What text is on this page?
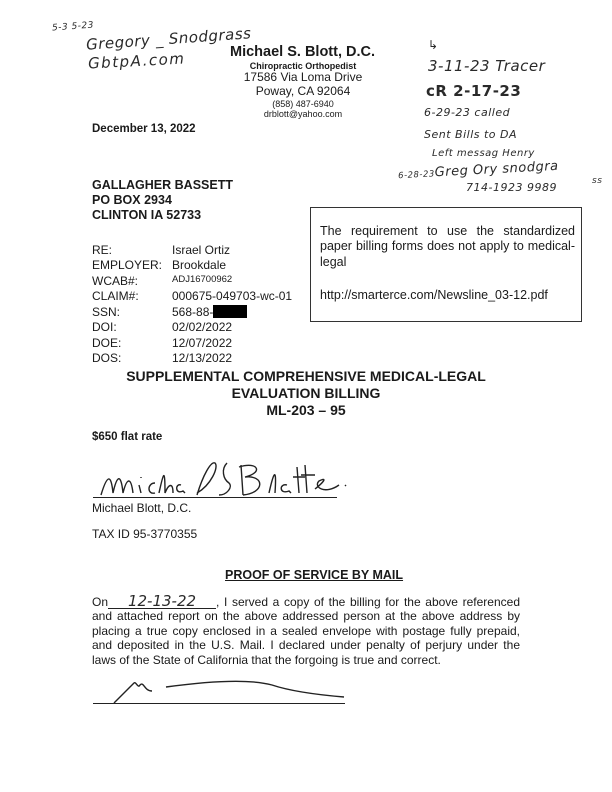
5-3 5-23
Gregory _ Snodgrass
GbtpA.com	Michael S. Blott, D.C.
Chiropractic Orthopedist
17586 Via Loma Drive
Poway, CA 92064
(858) 487-6940
drblott@yahoo.com
↳
3-11-23 Tracer
cR 2-17-23
6-29-23 called
Sent Bills to DA
Left messag Henry
6-28-23Greg Ory snodgra
ss
714-1923 9989
December 13, 2022
GALLAGHER BASSETT
PO BOX 2934
CLINTON IA 52733
RE:	Israel Ortiz
EMPLOYER: Brookdale
WCAB#:	ADJ16700962
CLAIM#:	000675-049703-wc-01
SSN:	568-88-
DOI:	02/02/2022
DOE:	12/07/2022
DOS:	12/13/2022
The requirement to use the standardized paper billing forms does not apply to medical-legal
http://smarterce.com/Newsline_03-12.pdf
SUPPLEMENTAL COMPREHENSIVE MEDICAL-LEGAL
EVALUATION BILLING
ML-203 – 95
$650 flat rate
Michael Blott, D.C.
TAX ID 95-3770355
PROOF OF SERVICE BY MAIL
On 12-13-22 , I served a copy of the billing for the above referenced and attached report on the above addressed person at the above address by placing a true copy enclosed in a sealed envelope with postage fully prepaid, and deposited in the U.S. Mail. I declared under penalty of perjury under the laws of the State of California that the forgoing is true and correct.
